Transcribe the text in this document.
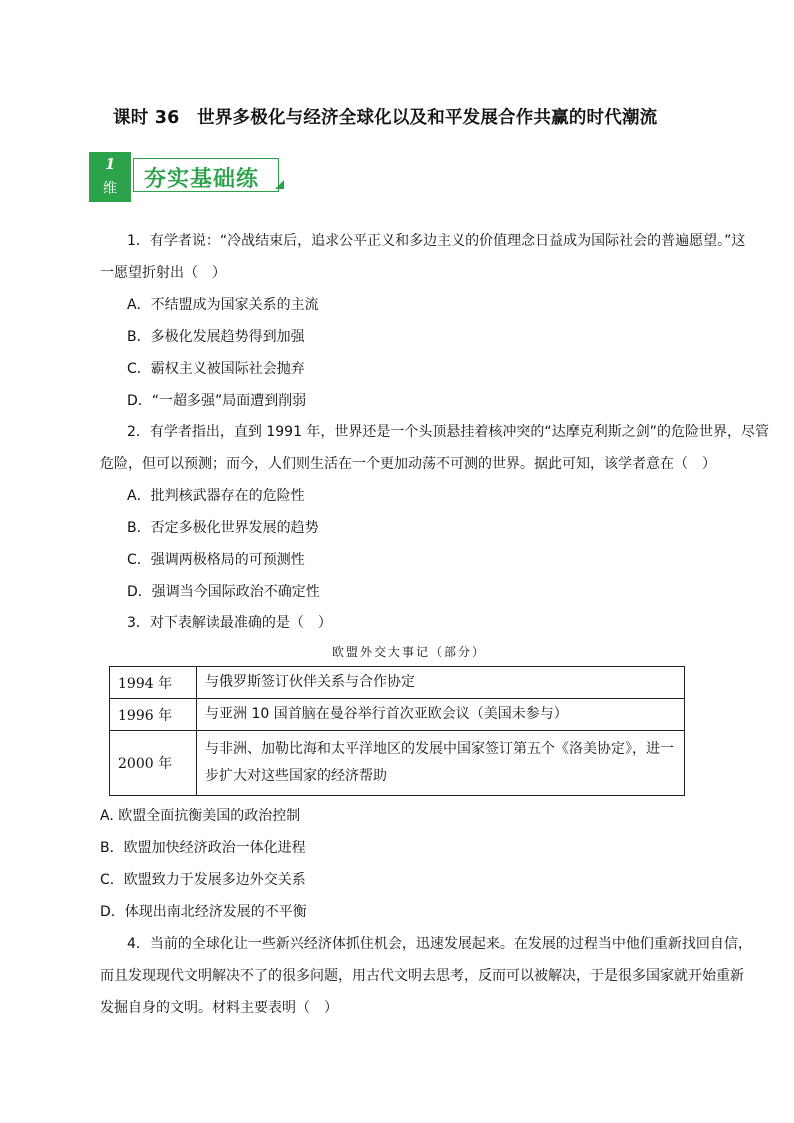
课时 36　世界多极化与经济全球化以及和平发展合作共赢的时代潮流
1
维 夯实基础练
1．有学者说：“冷战结束后，追求公平正义和多边主义的价值理念日益成为国际社会的普遍愿望。”这
一愿望折射出（　）
A．不结盟成为国家关系的主流
B．多极化发展趋势得到加强
C．霸权主义被国际社会抛弃
D．“一超多强”局面遭到削弱
2．有学者指出，直到 1991 年，世界还是一个头顶悬挂着核冲突的“达摩克利斯之剑”的危险世界，尽管
危险，但可以预测；而今，人们则生活在一个更加动荡不可测的世界。据此可知，该学者意在（　）
A．批判核武器存在的危险性
B．否定多极化世界发展的趋势
C．强调两极格局的可预测性
D．强调当今国际政治不确定性
3．对下表解读最准确的是（　）
欧盟外交大事记（部分）
1994 年	与俄罗斯签订伙伴关系与合作协定
1996 年	与亚洲 10 国首脑在曼谷举行首次亚欧会议（美国未参与）
2000 年	与非洲、加勒比海和太平洋地区的发展中国家签订第五个《洛美协定》，进一
步扩大对这些国家的经济帮助
A. 欧盟全面抗衡美国的政治控制
B．欧盟加快经济政治一体化进程
C．欧盟致力于发展多边外交关系
D．体现出南北经济发展的不平衡
4．当前的全球化让一些新兴经济体抓住机会，迅速发展起来。在发展的过程当中他们重新找回自信，
而且发现现代文明解决不了的很多问题，用古代文明去思考，反而可以被解决，于是很多国家就开始重新
发掘自身的文明。材料主要表明（　）
